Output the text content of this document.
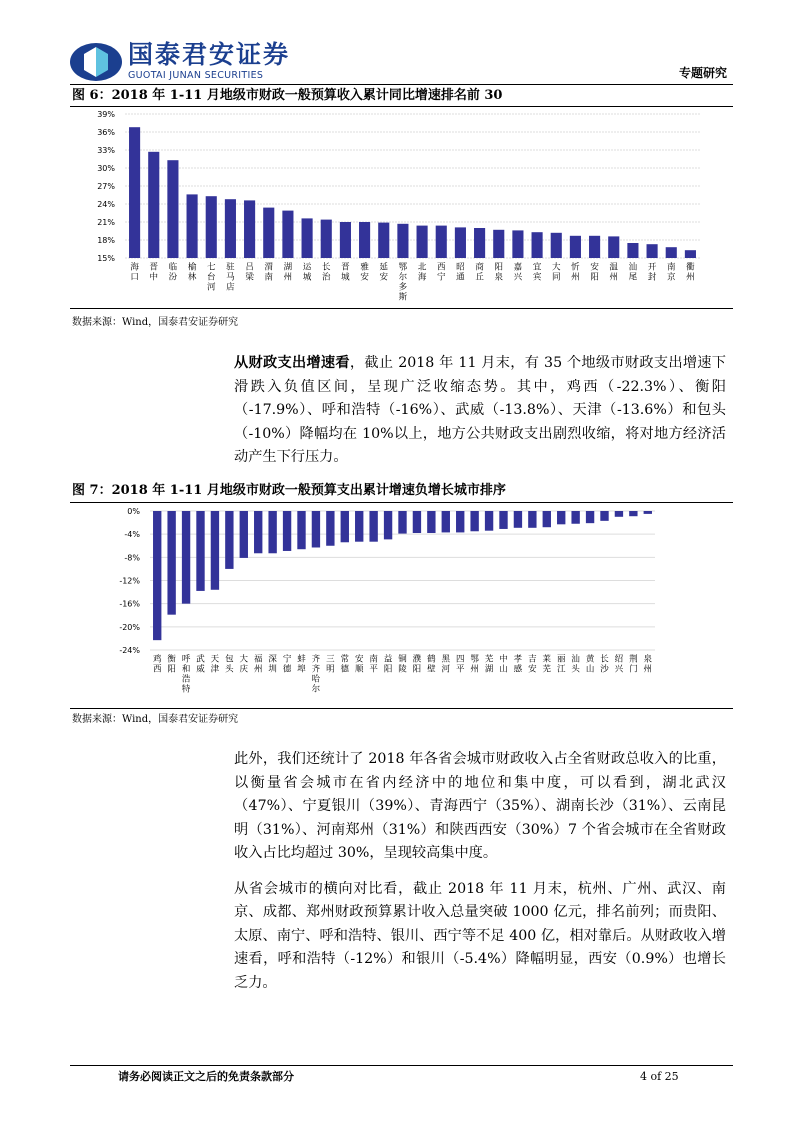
国泰君安证券
GUOTAI JUNAN SECURITIES	专题研究
图 6：2018 年 1-11 月地级市财政一般预算收入累计同比增速排名前 30
15%
18%
21%
24%
27%
30%
33%
36%
39%
海
口
晋
中
临
汾
榆
林
七
台
河
驻
马
店
吕
梁
渭
南
湖
州
运
城
长
治
晋
城
雅
安
延
安
鄂
尔
多
斯
北
海
西
宁
昭
通
商
丘
阳
泉
嘉
兴
宜
宾
大
同
忻
州
安
阳
温
州
汕
尾
开
封
南
京
衢
州
数据来源：Wind，国泰君安证券研究
从财政支出增速看，截止 2018 年 11 月末，有 35 个地级市财政支出增速下滑跌入负值区间，呈现广泛收缩态势。其中，鸡西（-22.3%）、衡阳（-17.9%）、呼和浩特（-16%）、武威（-13.8%）、天津（-13.6%）和包头（-10%）降幅均在 10%以上，地方公共财政支出剧烈收缩，将对地方经济活动产生下行压力。
图 7：2018 年 1-11 月地级市财政一般预算支出累计增速负增长城市排序
0%
-4%
-8%
-12%
-16%
-20%
-24%
鸡
西
衡
阳
呼
和
浩
特
武
威
天
津
包
头
大
庆
福
州
深
圳
宁
德
蚌
埠
齐
齐
哈
尔
三
明
常
德
安
顺
南
平
益
阳
铜
陵
濮
阳
鹤
壁
黑
河
四
平
鄂
州
芜
湖
中
山
孝
感
吉
安
莱
芜
丽
江
汕
头
黄
山
长
沙
绍
兴
荆
门
泉
州
数据来源：Wind，国泰君安证券研究
此外，我们还统计了 2018 年各省会城市财政收入占全省财政总收入的比重，以衡量省会城市在省内经济中的地位和集中度，可以看到，湖北武汉（47%）、宁夏银川（39%）、青海西宁（35%）、湖南长沙（31%）、云南昆明（31%）、河南郑州（31%）和陕西西安（30%）7 个省会城市在全省财政收入占比均超过 30%，呈现较高集中度。
从省会城市的横向对比看，截止 2018 年 11 月末，杭州、广州、武汉、南京、成都、郑州财政预算累计收入总量突破 1000 亿元，排名前列；而贵阳、太原、南宁、呼和浩特、银川、西宁等不足 400 亿，相对靠后。从财政收入增速看，呼和浩特（-12%）和银川（-5.4%）降幅明显，西安（0.9%）也增长乏力。
请务必阅读正文之后的免责条款部分	4 of 25
